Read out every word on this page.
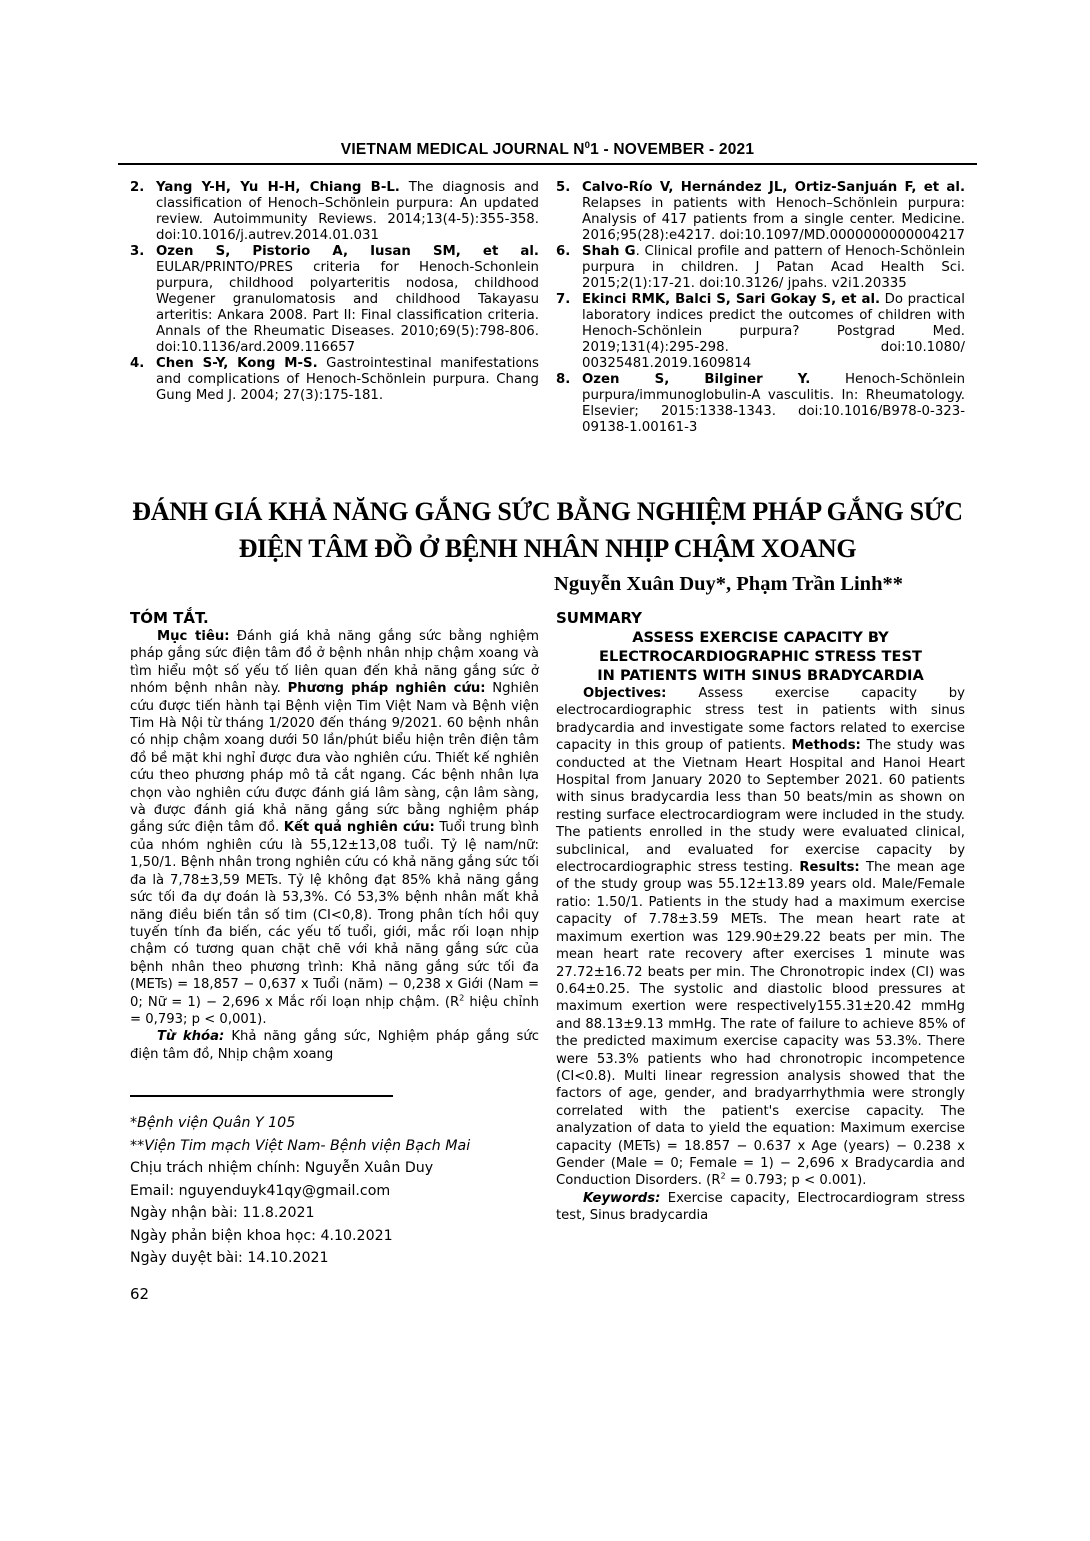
VIETNAM MEDICAL JOURNAL $N^01$ - NOVEMBER - 2021
2. Yang Y-H, Yu H-H, Chiang B-L. The diagnosis and classification of Henoch–Schönlein purpura: An updated review. Autoimmunity Reviews. 2014;13(4-5):355-358. doi:10.1016/j.autrev.2014.01.031
3. Ozen S, Pistorio A, Iusan SM, et al. EULAR/PRINTO/PRES criteria for Henoch-Schonlein purpura, childhood polyarteritis nodosa, childhood Wegener granulomatosis and childhood Takayasu arteritis: Ankara 2008. Part II: Final classification criteria. Annals of the Rheumatic Diseases. 2010;69(5):798-806. doi:10.1136/ard.2009.116657
4. Chen S-Y, Kong M-S. Gastrointestinal manifestations and complications of Henoch-Schönlein purpura. Chang Gung Med J. 2004; 27(3):175-181.
5. Calvo-Río V, Hernández JL, Ortiz-Sanjuán F, et al. Relapses in patients with Henoch–Schönlein purpura: Analysis of 417 patients from a single center. Medicine. 2016;95(28):e4217. doi:10.1097/MD.0000000000004217
6. Shah G. Clinical profile and pattern of Henoch-Schönlein purpura in children. J Patan Acad Health Sci. 2015;2(1):17-21. doi:10.3126/ jpahs. v2i1.20335
7. Ekinci RMK, Balci S, Sari Gokay S, et al. Do practical laboratory indices predict the outcomes of children with Henoch-Schönlein purpura? Postgrad Med. 2019;131(4):295-298. doi:10.1080/ 00325481.2019.1609814
8. Ozen S, Bilginer Y. Henoch-Schönlein purpura/immunoglobulin-A vasculitis. In: Rheumatology. Elsevier; 2015:1338-1343. doi:10.1016/B978-0-323-09138-1.00161-3
ĐÁNH GIÁ KHẢ NĂNG GẮNG SỨC BẰNG NGHIỆM PHÁP GẮNG SỨC
ĐIỆN TÂM ĐỒ Ở BỆNH NHÂN NHỊP CHẬM XOANG
Nguyễn Xuân Duy*, Phạm Trần Linh**
TÓM TẮT.

Mục tiêu: Đánh giá khả năng gắng sức bằng nghiệm pháp gắng sức điện tâm đồ ở bệnh nhân nhịp chậm xoang và tìm hiểu một số yếu tố liên quan đến khả năng gắng sức ở nhóm bệnh nhân này. Phương pháp nghiên cứu: Nghiên cứu được tiến hành tại Bệnh viện Tim Việt Nam và Bệnh viện Tim Hà Nội từ tháng 1/2020 đến tháng 9/2021. 60 bệnh nhân có nhịp chậm xoang dưới 50 lần/phút biểu hiện trên điện tâm đồ bề mặt khi nghỉ được đưa vào nghiên cứu. Thiết kế nghiên cứu theo phương pháp mô tả cắt ngang. Các bệnh nhân lựa chọn vào nghiên cứu được đánh giá lâm sàng, cận lâm sàng, và được đánh giá khả năng gắng sức bằng nghiệm pháp gắng sức điện tâm đồ. Kết quả nghiên cứu: Tuổi trung bình của nhóm nghiên cứu là 55,12±13,08 tuổi. Tỷ lệ nam/nữ: 1,50/1. Bệnh nhân trong nghiên cứu có khả năng gắng sức tối đa là 7,78±3,59 METs. Tỷ lệ không đạt 85% khả năng gắng sức tối đa dự đoán là 53,3%. Có 53,3% bệnh nhân mất khả năng điều biến tần số tim (CI<0,8). Trong phân tích hồi quy tuyến tính đa biến, các yếu tố tuổi, giới, mắc rối loạn nhịp chậm có tương quan chặt chẽ với khả năng gắng sức của bệnh nhân theo phương trình: Khả năng gắng sức tối đa (METs) = 18,857 − 0,637 x Tuổi (năm) − 0,238 x Giới (Nam = 0; Nữ = 1) − 2,696 x Mắc rối loạn nhịp chậm. ($R^2$ hiệu chỉnh = 0,793; p < 0,001).

Từ khóa: Khả năng gắng sức, Nghiệm pháp gắng sức điện tâm đồ, Nhịp chậm xoang

*Bệnh viện Quân Y 105
**Viện Tim mạch Việt Nam- Bệnh viện Bạch Mai
Chịu trách nhiệm chính: Nguyễn Xuân Duy
Email: nguyenduyk41qy@gmail.com
Ngày nhận bài: 11.8.2021
Ngày phản biện khoa học: 4.10.2021
Ngày duyệt bài: 14.10.2021
62
SUMMARY
ASSESS EXERCISE CAPACITY BY
ELECTROCARDIOGRAPHIC STRESS TEST
IN PATIENTS WITH SINUS BRADYCARDIA

Objectives: Assess exercise capacity by electrocardiographic stress test in patients with sinus bradycardia and investigate some factors related to exercise capacity in this group of patients. Methods: The study was conducted at the Vietnam Heart Hospital and Hanoi Heart Hospital from January 2020 to September 2021. 60 patients with sinus bradycardia less than 50 beats/min as shown on resting surface electrocardiogram were included in the study. The patients enrolled in the study were evaluated clinical, subclinical, and evaluated for exercise capacity by electrocardiographic stress testing. Results: The mean age of the study group was 55.12±13.89 years old. Male/Female ratio: 1.50/1. Patients in the study had a maximum exercise capacity of 7.78±3.59 METs. The mean heart rate at maximum exertion was 129.90±29.22 beats per min. The mean heart rate recovery after exercises 1 minute was 27.72±16.72 beats per min. The Chronotropic index (CI) was 0.64±0.25. The systolic and diastolic blood pressures at maximum exertion were respectively155.31±20.42 mmHg and 88.13±9.13 mmHg. The rate of failure to achieve 85% of the predicted maximum exercise capacity was 53.3%. There were 53.3% patients who had chronotropic incompetence (CI<0.8). Multi linear regression analysis showed that the factors of age, gender, and bradyarrhythmia were strongly correlated with the patient's exercise capacity. The analyzation of data to yield the equation: Maximum exercise capacity (METs) = 18.857 − 0.637 x Age (years) − 0.238 x Gender (Male = 0; Female = 1) − 2,696 x Bradycardia and Conduction Disorders. ($R^2 = 0.793$; p < 0.001).

Keywords: Exercise capacity, Electrocardiogram stress test, Sinus bradycardia
